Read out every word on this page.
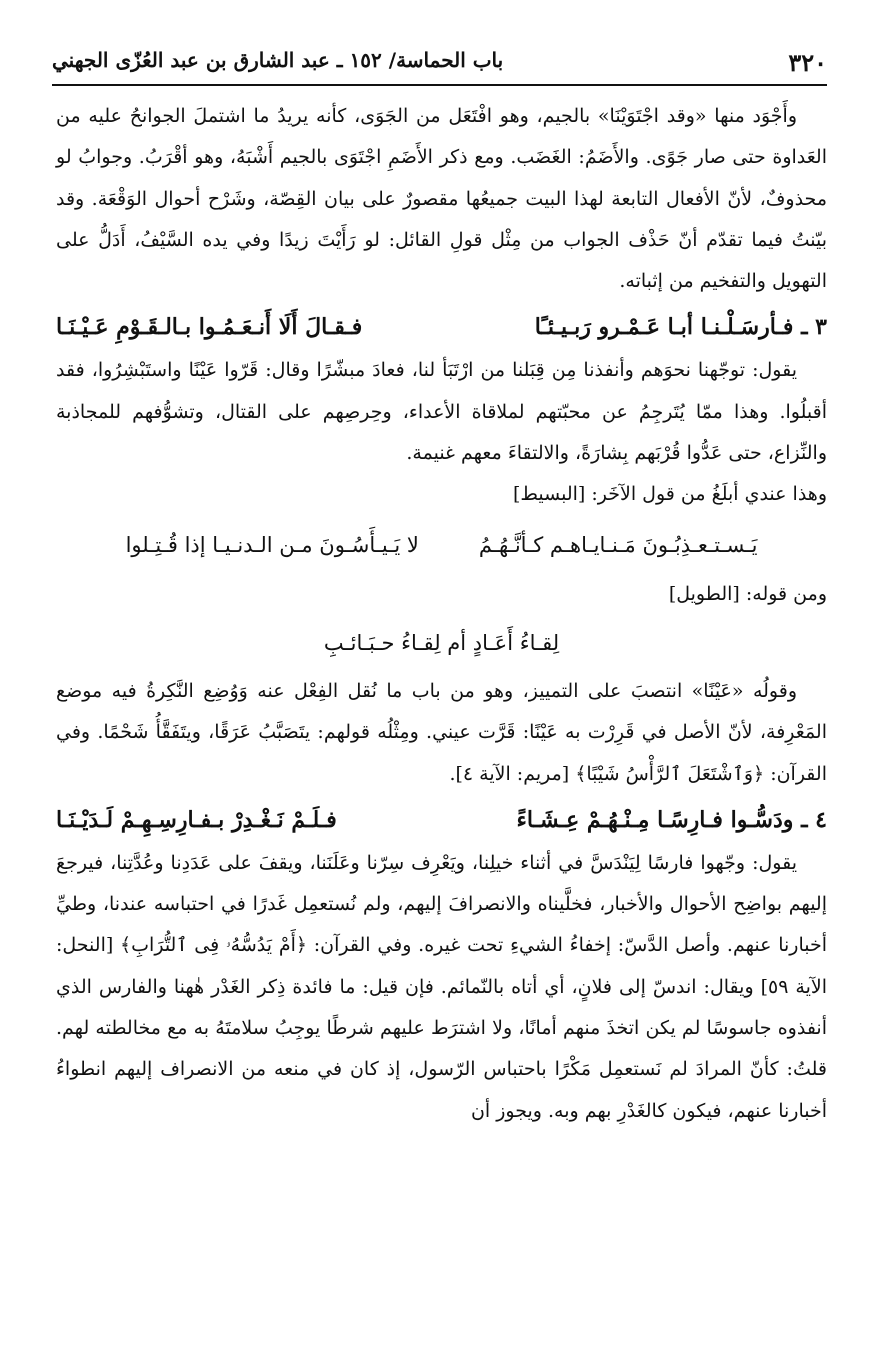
٣٢٠
باب الحماسة/ ١٥٢ ـ عبد الشارق بن عبد العُزّى الجهني

وأَجْوَد منها «وقد اجْتَوَيْنَا» بالجيم، وهو افْتَعَل من الجَوَى، كأنه يريدُ ما اشتملَ الجوانحُ عليه من العَداوة حتى صار جَوًى. والأَضَمُ: الغَضَب. ومع ذكر الأَضَمِ اجْتَوَى بالجيم أَشْبَهُ، وهو أقْرَبُ. وجوابُ لو محذوفٌ، لأنّ الأفعال التابعة لهذا البيت جميعُها مقصورٌ على بيان القِصّة، وشَرْح أحوال الوَقْعَة. وقد بيّنتُ فيما تقدّم أنّ حَذْف الجواب من مِثْل قولِ القائل: لو رَأَيْتَ زيدًا وفي يده السَّيْفُ، أَدَلُّ على التهويل والتفخيم من إثباته.

٣ ـ فـأرسَـلْـنـا أبـا عَـمْـرو رَبـيـئـًا
فـقـالَ أَلَا أَنـعَـمُـوا بـالـقَـوْمِ عَـيْـنَـا

يقول: توجّهنا نحوَهم وأنفذنا مِن قِبَلنا من ارْتَبَأ لنا، فعادَ مبشّرًا وقال: قَرّوا عَيْنًا واستَبْشِرُوا، فقد أقبلُوا. وهذا ممّا يُتَرجِمُ عن محبّتهم لملاقاة الأعداء، وحِرصِهم على القتال، وتشوُّفهم للمجاذبة والنِّزاع، حتى عَدُّوا قُرْبَهم بِشارَةً، والالتقاءَ معهم غنيمة.

وهذا عندي أبلَغُ من قول الآخَر: [البسيط]

يَـسـتـعـذِبُـونَ مَـنـايـاهـم كـأنَّـهُـمُ
لا يَـيـأَسُـونَ مـن الـدنـيـا إذا قُـتِـلوا

ومن قوله: [الطويل]

لِقـاءُ أَعَـادٍ أم لِقـاءُ حـبَـائـبِ

وقولُه «عَيْنًا» انتصبَ على التمييز، وهو من باب ما نُقل الفِعْل عنه وَوُضِع النَّكِرةُ فيه موضع المَعْرِفة، لأنّ الأصل في قَرِرْت به عَيْنًا: قَرَّت عيني. ومِثْلُه قولهم: يتَصَبَّبُ عَرَقًا، ويتَفَقَّأُ شَحْمًا. وفي القرآن: ﴿وَٱشْتَعَلَ ٱلرَّأْسُ شَيْبًا﴾ [مريم: الآية ٤].

٤ ـ ودَسُّـوا فـارِسًـا مِـنْـهُـمْ عِـشَـاءً
فـلَـمْ نَـغْـدِرْ بـفـارِسِـهِـمْ لَـدَيْـنَـا

يقول: وجّهوا فارسًا لِيَنْدَسَّ في أثناء خيلِنا، ويَعْرِف سِرّنا وعَلَنَنا، ويقفَ على عَدَدِنا وعُدَّتِنا، فيرجعَ إليهم بواضِح الأحوال والأخبار، فخلَّيناه والانصرافَ إليهم، ولم نُستعمِل غَدرًا في احتباسه عندنا، وطيِّ أخبارنا عنهم. وأصل الدَّسّ: إخفاءُ الشيءِ تحت غيره. وفي القرآن: ﴿أَمْ يَدُسُّهُۥ فِى ٱلتُّرَابِ﴾ [النحل: الآية ٥٩] ويقال: اندسّ إلى فلانٍ، أي أتاه بالنّمائم. فإن قيل: ما فائدة ذِكر الغَدْر هٰهنا والفارس الذي أنفذوه جاسوسًا لم يكن اتخذَ منهم أمانًا، ولا اشترَط عليهم شرطًا يوجِبُ سلامتَهُ به مع مخالطته لهم. قلتُ: كأنّ المرادَ لم نَستعمِل مَكْرًا باحتباس الرّسول، إذ كان في منعه من الانصراف إليهم انطواءُ أخبارنا عنهم، فيكون كالغَدْرِ بهم وبه. ويجوز أن
